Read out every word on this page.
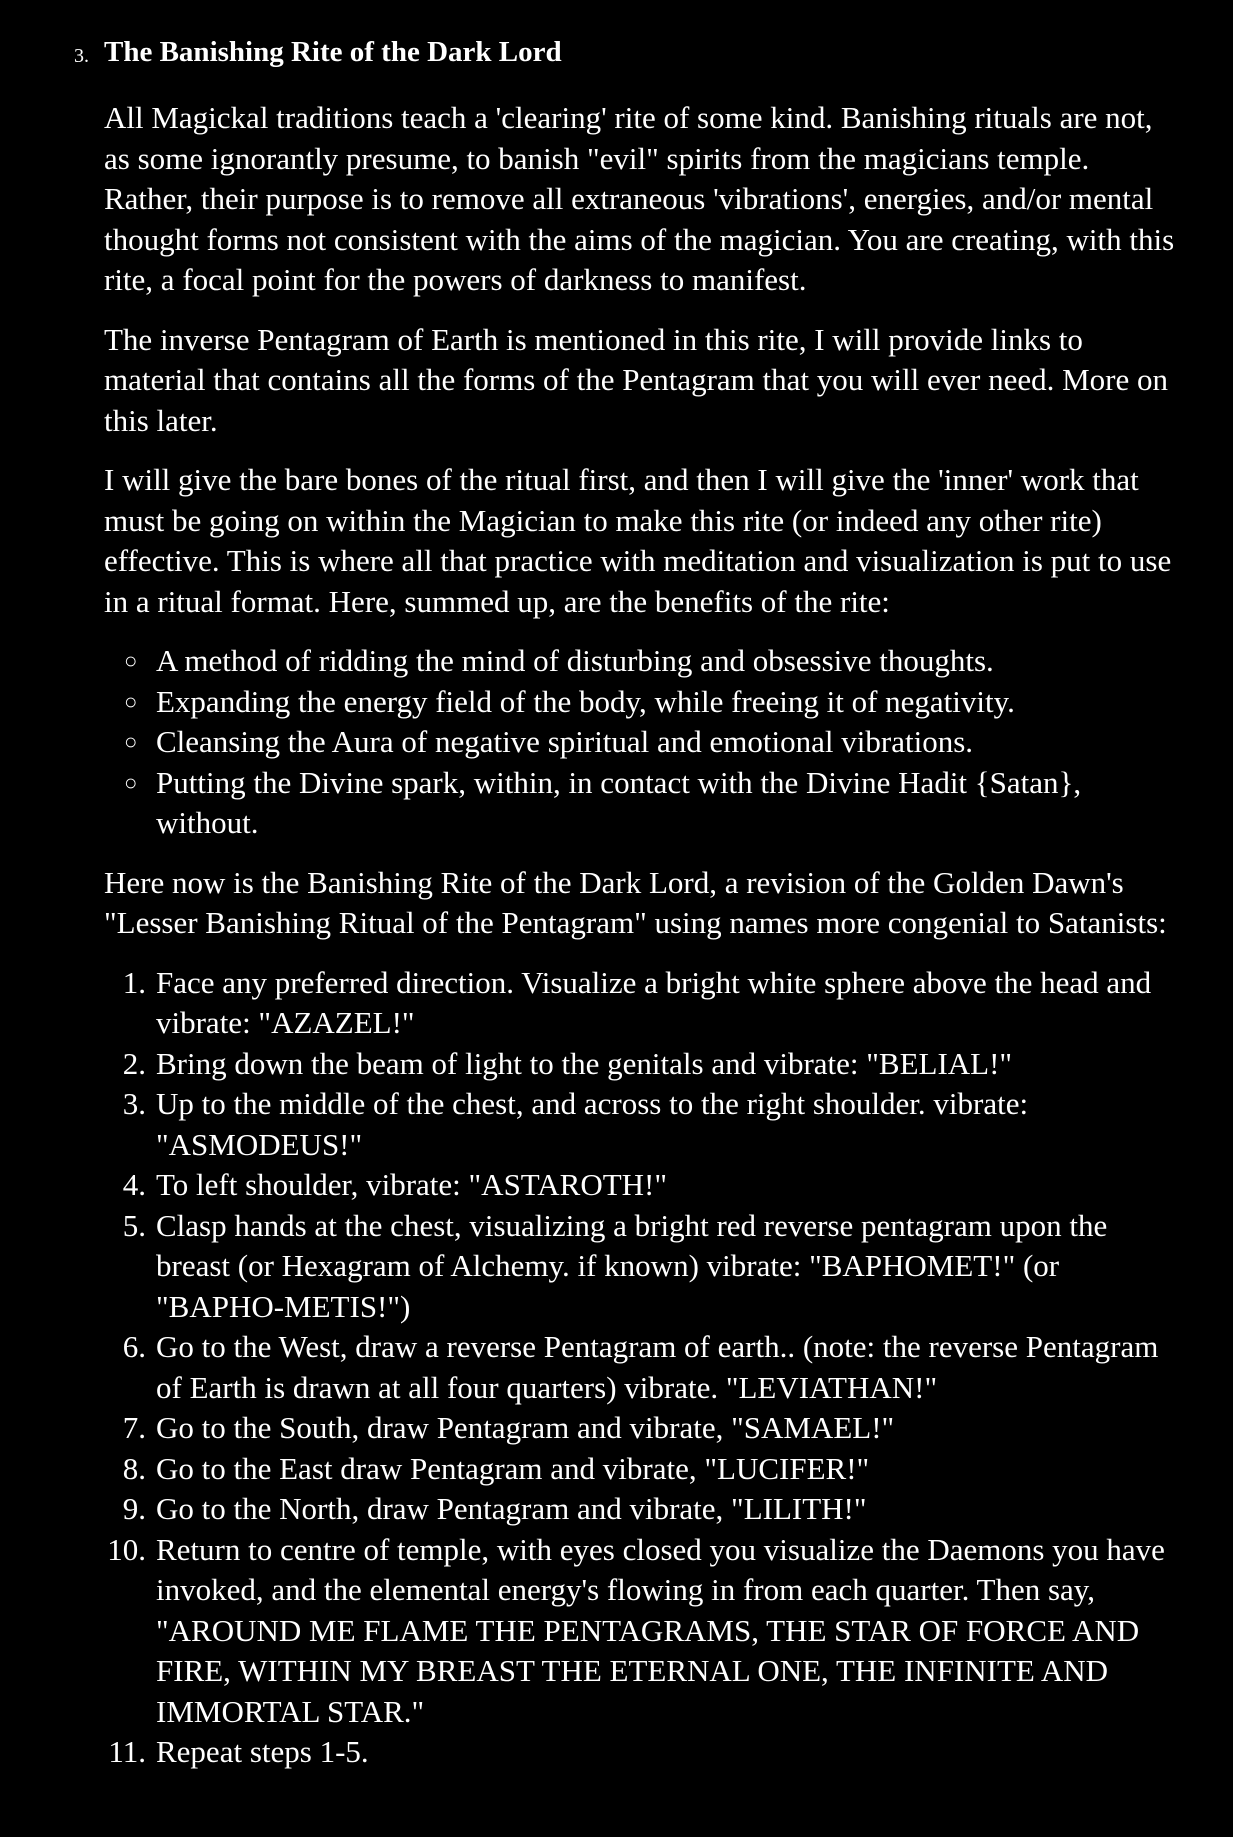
3. The Banishing Rite of the Dark Lord

All Magickal traditions teach a 'clearing' rite of some kind. Banishing rituals are not, as some ignorantly presume, to banish "evil" spirits from the magicians temple. Rather, their purpose is to remove all extraneous 'vibrations', energies, and/or mental thought forms not consistent with the aims of the magician. You are creating, with this rite, a focal point for the powers of darkness to manifest.

The inverse Pentagram of Earth is mentioned in this rite, I will provide links to material that contains all the forms of the Pentagram that you will ever need. More on this later.

I will give the bare bones of the ritual first, and then I will give the 'inner' work that must be going on within the Magician to make this rite (or indeed any other rite) effective. This is where all that practice with meditation and visualization is put to use in a ritual format. Here, summed up, are the benefits of the rite:

○ A method of ridding the mind of disturbing and obsessive thoughts.
○ Expanding the energy field of the body, while freeing it of negativity.
○ Cleansing the Aura of negative spiritual and emotional vibrations.
○ Putting the Divine spark, within, in contact with the Divine Hadit {Satan}, without.

Here now is the Banishing Rite of the Dark Lord, a revision of the Golden Dawn's "Lesser Banishing Ritual of the Pentagram" using names more congenial to Satanists:

1. Face any preferred direction. Visualize a bright white sphere above the head and vibrate: "AZAZEL!"
2. Bring down the beam of light to the genitals and vibrate: "BELIAL!"
3. Up to the middle of the chest, and across to the right shoulder. vibrate: "ASMODEUS!"
4. To left shoulder, vibrate: "ASTAROTH!"
5. Clasp hands at the chest, visualizing a bright red reverse pentagram upon the breast (or Hexagram of Alchemy. if known) vibrate: "BAPHOMET!" (or "BAPHO-METIS!")
6. Go to the West, draw a reverse Pentagram of earth.. (note: the reverse Pentagram of Earth is drawn at all four quarters) vibrate. "LEVIATHAN!"
7. Go to the South, draw Pentagram and vibrate, "SAMAEL!"
8. Go to the East draw Pentagram and vibrate, "LUCIFER!"
9. Go to the North, draw Pentagram and vibrate, "LILITH!"
10. Return to centre of temple, with eyes closed you visualize the Daemons you have invoked, and the elemental energy's flowing in from each quarter. Then say, "AROUND ME FLAME THE PENTAGRAMS, THE STAR OF FORCE AND FIRE, WITHIN MY BREAST THE ETERNAL ONE, THE INFINITE AND IMMORTAL STAR."
11. Repeat steps 1-5.
